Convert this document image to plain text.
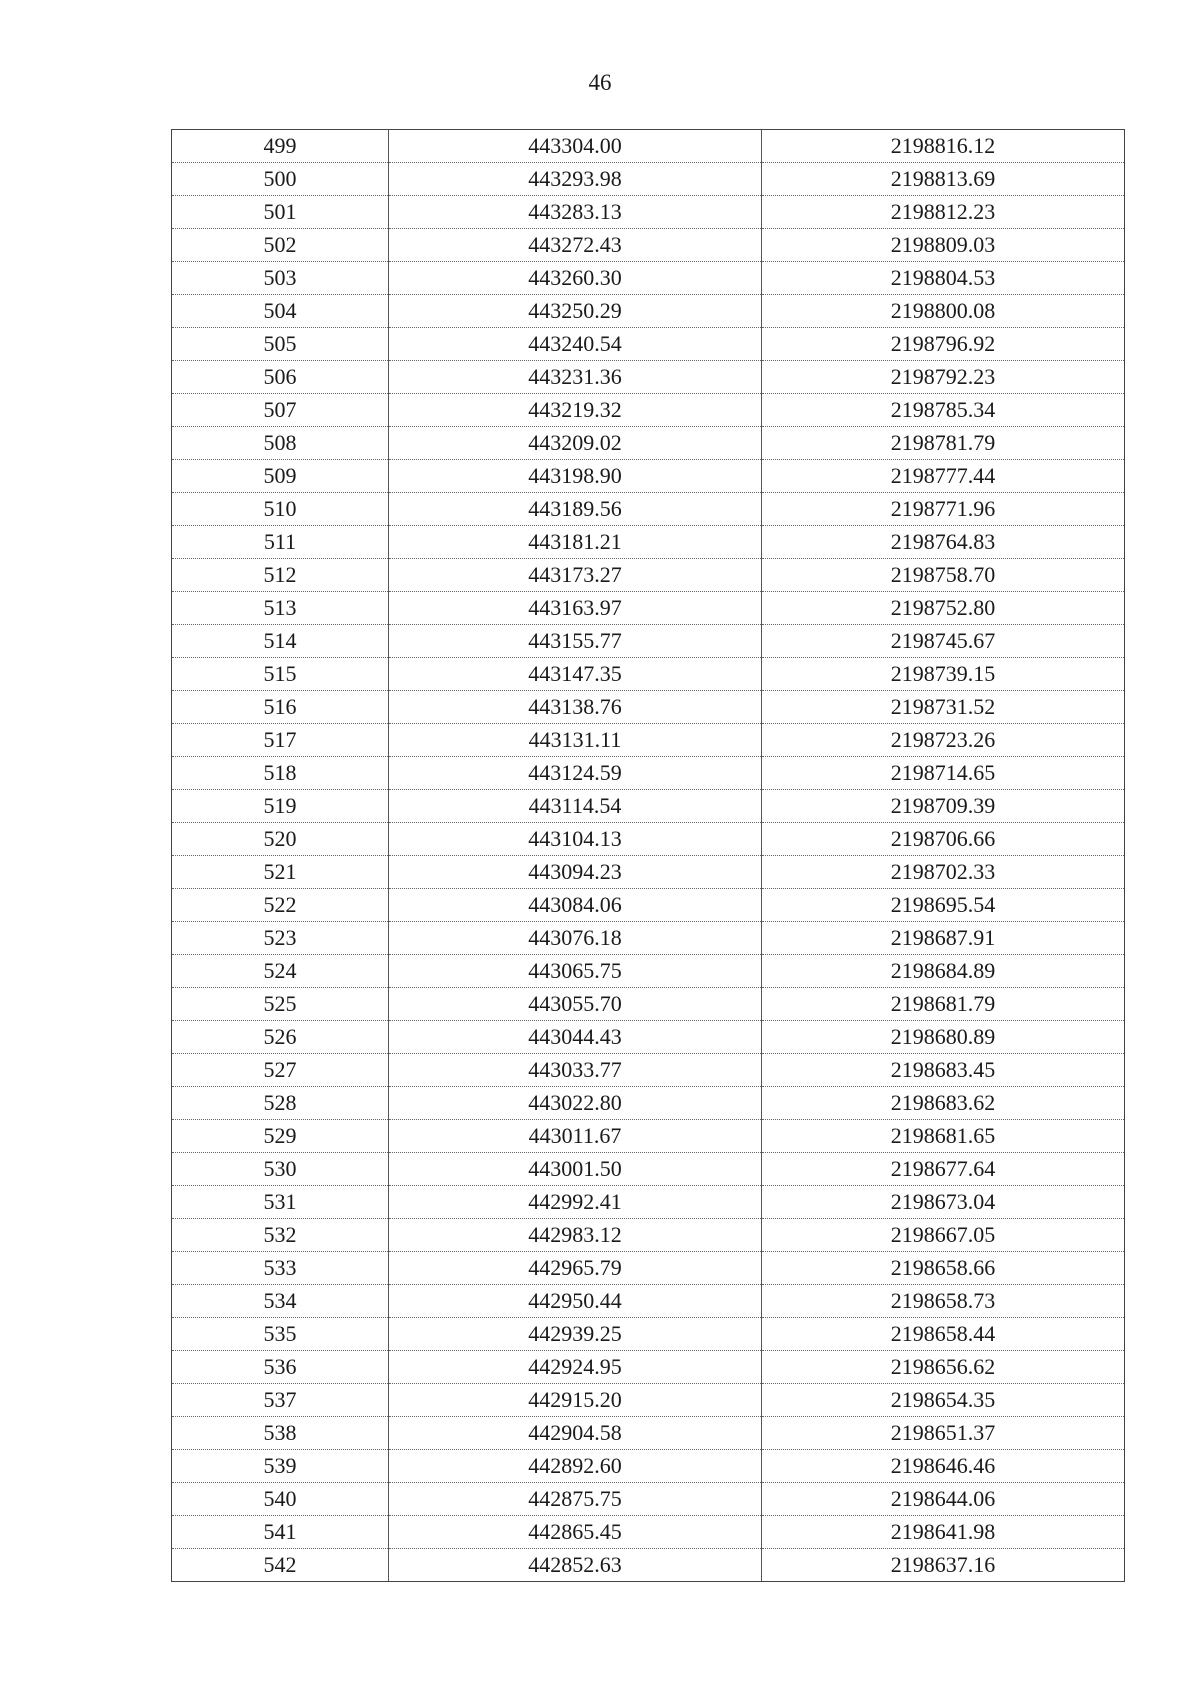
46
499	443304.00	2198816.12
500	443293.98	2198813.69
501	443283.13	2198812.23
502	443272.43	2198809.03
503	443260.30	2198804.53
504	443250.29	2198800.08
505	443240.54	2198796.92
506	443231.36	2198792.23
507	443219.32	2198785.34
508	443209.02	2198781.79
509	443198.90	2198777.44
510	443189.56	2198771.96
511	443181.21	2198764.83
512	443173.27	2198758.70
513	443163.97	2198752.80
514	443155.77	2198745.67
515	443147.35	2198739.15
516	443138.76	2198731.52
517	443131.11	2198723.26
518	443124.59	2198714.65
519	443114.54	2198709.39
520	443104.13	2198706.66
521	443094.23	2198702.33
522	443084.06	2198695.54
523	443076.18	2198687.91
524	443065.75	2198684.89
525	443055.70	2198681.79
526	443044.43	2198680.89
527	443033.77	2198683.45
528	443022.80	2198683.62
529	443011.67	2198681.65
530	443001.50	2198677.64
531	442992.41	2198673.04
532	442983.12	2198667.05
533	442965.79	2198658.66
534	442950.44	2198658.73
535	442939.25	2198658.44
536	442924.95	2198656.62
537	442915.20	2198654.35
538	442904.58	2198651.37
539	442892.60	2198646.46
540	442875.75	2198644.06
541	442865.45	2198641.98
542	442852.63	2198637.16
